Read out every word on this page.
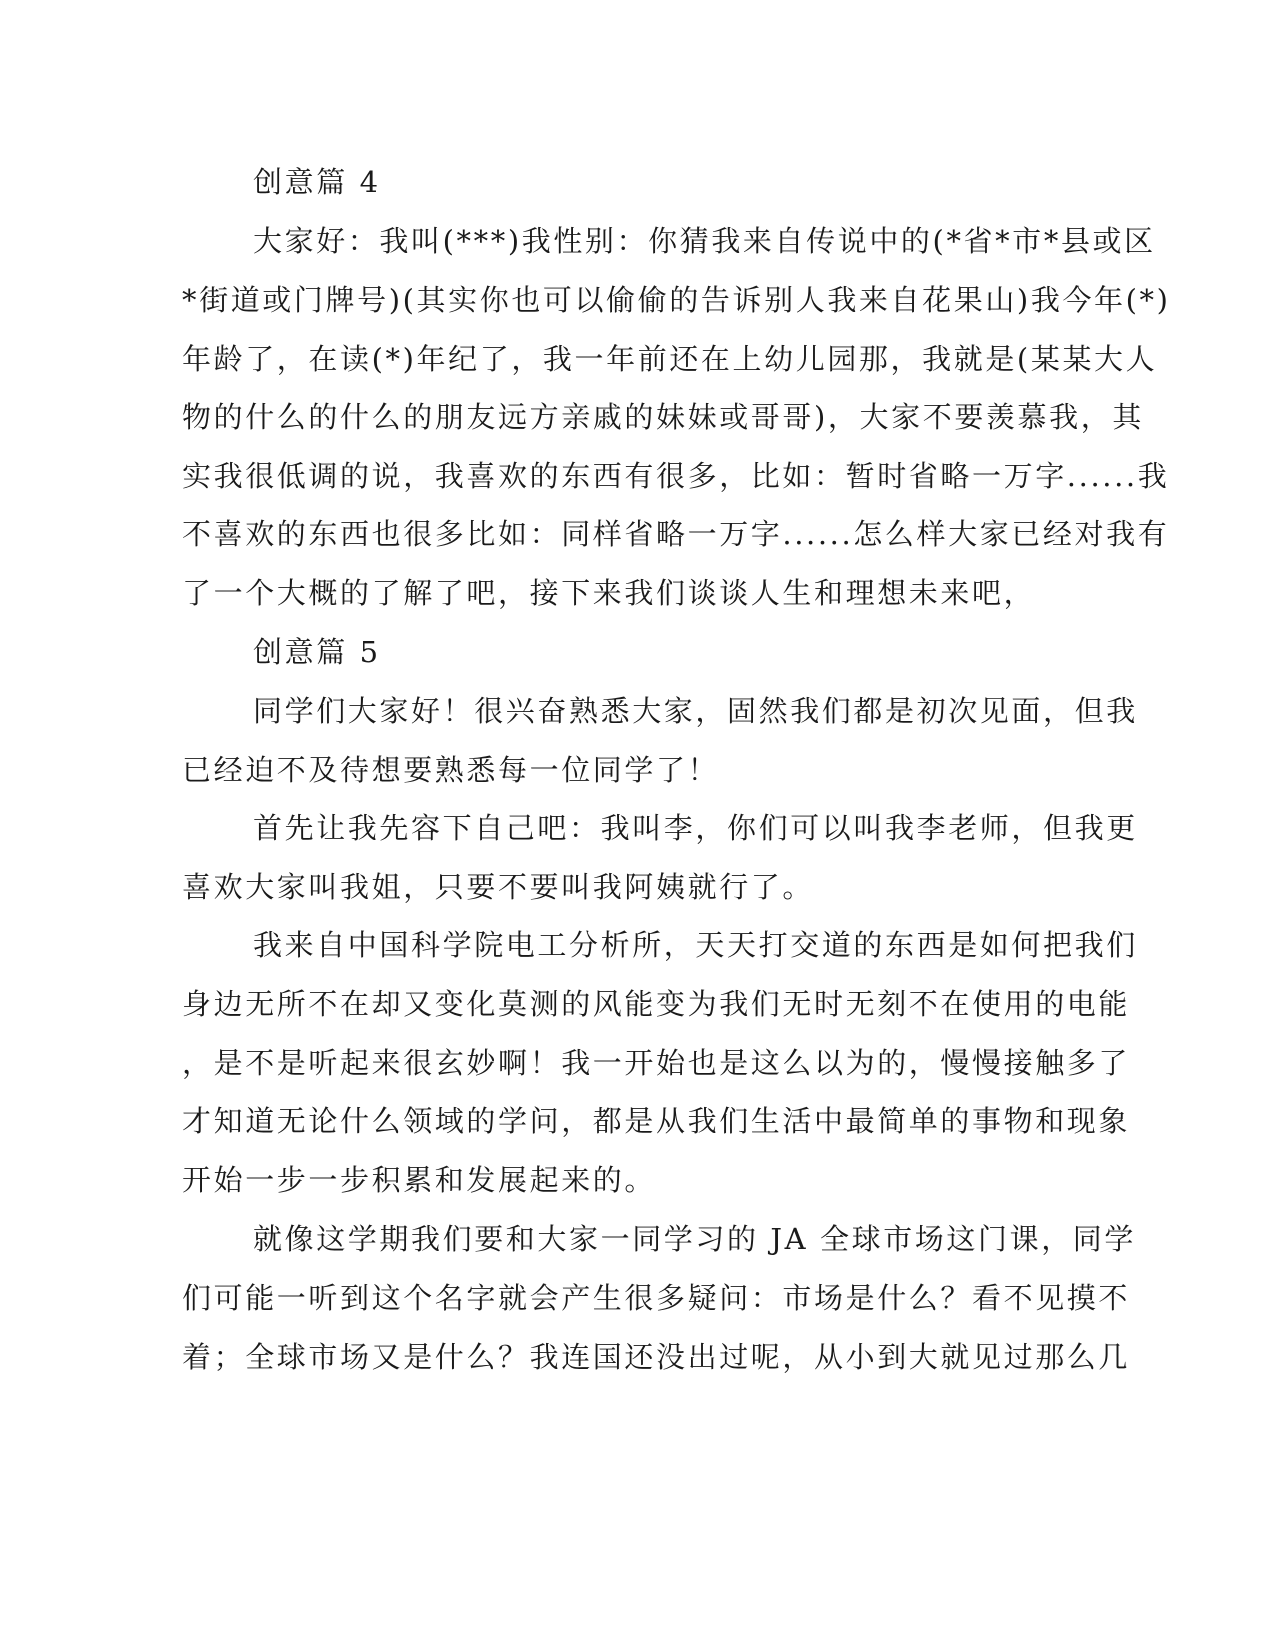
创意篇 4
大家好：我叫(***)我性别：你猜我来自传说中的(*省*市*县或区
*街道或门牌号)(其实你也可以偷偷的告诉别人我来自花果山)我今年(*)
年龄了，在读(*)年纪了，我一年前还在上幼儿园那，我就是(某某大人
物的什么的什么的朋友远方亲戚的妹妹或哥哥)，大家不要羡慕我，其
实我很低调的说，我喜欢的东西有很多，比如：暂时省略一万字......我
不喜欢的东西也很多比如：同样省略一万字......怎么样大家已经对我有
了一个大概的了解了吧，接下来我们谈谈人生和理想未来吧，
创意篇 5
同学们大家好！很兴奋熟悉大家，固然我们都是初次见面，但我
已经迫不及待想要熟悉每一位同学了！
首先让我先容下自己吧：我叫李，你们可以叫我李老师，但我更
喜欢大家叫我姐，只要不要叫我阿姨就行了。
我来自中国科学院电工分析所，天天打交道的东西是如何把我们
身边无所不在却又变化莫测的风能变为我们无时无刻不在使用的电能
，是不是听起来很玄妙啊！我一开始也是这么以为的，慢慢接触多了
才知道无论什么领域的学问，都是从我们生活中最简单的事物和现象
开始一步一步积累和发展起来的。
就像这学期我们要和大家一同学习的 JA 全球市场这门课，同学
们可能一听到这个名字就会产生很多疑问：市场是什么？看不见摸不
着；全球市场又是什么？我连国还没出过呢，从小到大就见过那么几
